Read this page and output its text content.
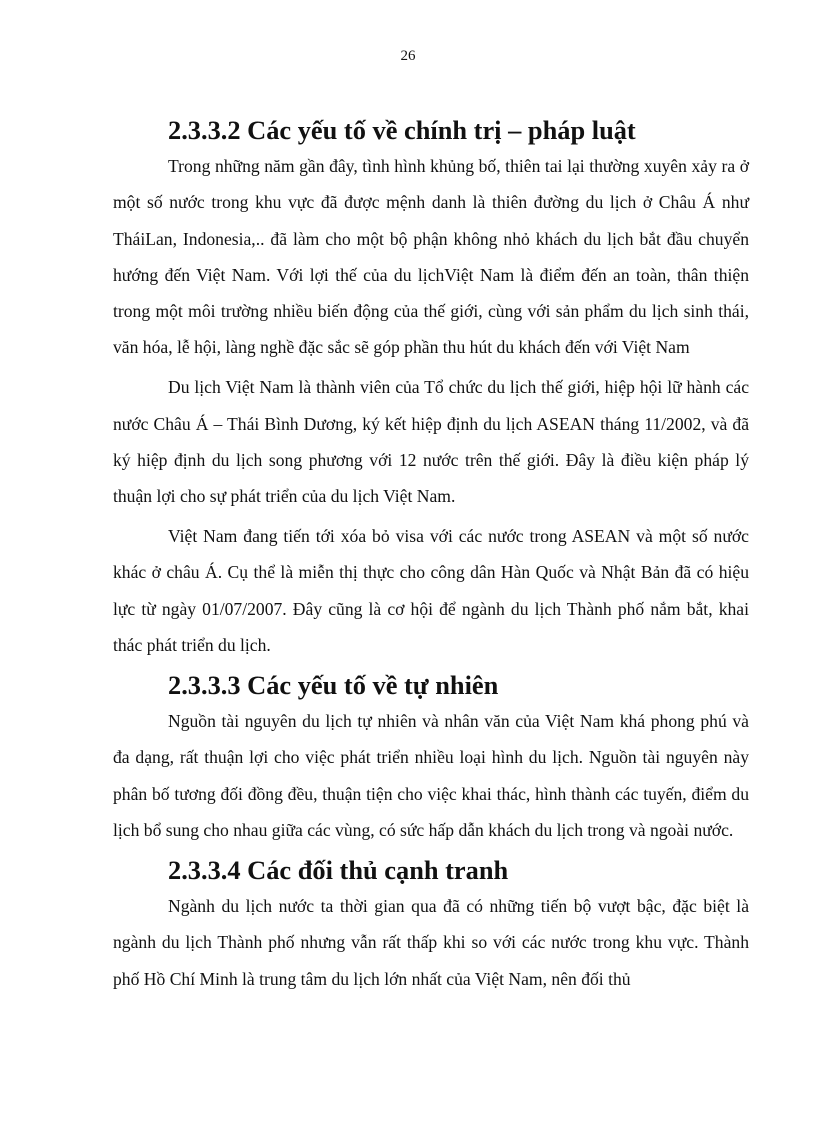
26
2.3.3.2 Các yếu tố về chính trị – pháp luật

Trong những năm gần đây, tình hình khủng bố, thiên tai lại thường xuyên xảy ra ở một số nước trong khu vực đã được mệnh danh là thiên đường du lịch ở Châu Á như TháiLan, Indonesia,.. đã làm cho một bộ phận không nhỏ khách du lịch bắt đầu chuyển hướng đến Việt Nam. Với lợi thế của du lịchViệt Nam là điểm đến an toàn, thân thiện trong một môi trường nhiều biến động của thế giới, cùng với sản phẩm du lịch sinh thái, văn hóa, lễ hội, làng nghề đặc sắc sẽ góp phần thu hút du khách đến với Việt Nam

Du lịch Việt Nam là thành viên của Tổ chức du lịch thế giới, hiệp hội lữ hành các nước Châu Á – Thái Bình Dương, ký kết hiệp định du lịch ASEAN tháng 11/2002, và đã ký hiệp định du lịch song phương với 12 nước trên thế giới. Đây là điều kiện pháp lý thuận lợi cho sự phát triển của du lịch Việt Nam.

Việt Nam đang tiến tới xóa bỏ visa với các nước trong ASEAN và một số nước khác ở châu Á. Cụ thể là miễn thị thực cho công dân Hàn Quốc và Nhật Bản đã có hiệu lực từ ngày 01/07/2007. Đây cũng là cơ hội để ngành du lịch Thành phố nắm bắt, khai thác phát triển du lịch.

2.3.3.3 Các yếu tố về tự nhiên

Nguồn tài nguyên du lịch tự nhiên và nhân văn của Việt Nam khá phong phú và đa dạng, rất thuận lợi cho việc phát triển nhiều loại hình du lịch. Nguồn tài nguyên này phân bố tương đối đồng đều, thuận tiện cho việc khai thác, hình thành các tuyến, điểm du lịch bổ sung cho nhau giữa các vùng, có sức hấp dẫn khách du lịch trong và ngoài nước.

2.3.3.4 Các đối thủ cạnh tranh

Ngành du lịch nước ta thời gian qua đã có những tiến bộ vượt bậc, đặc biệt là ngành du lịch Thành phố nhưng vẫn rất thấp khi so với các nước trong khu vực. Thành phố Hồ Chí Minh là trung tâm du lịch lớn nhất của Việt Nam, nên đối thủ
